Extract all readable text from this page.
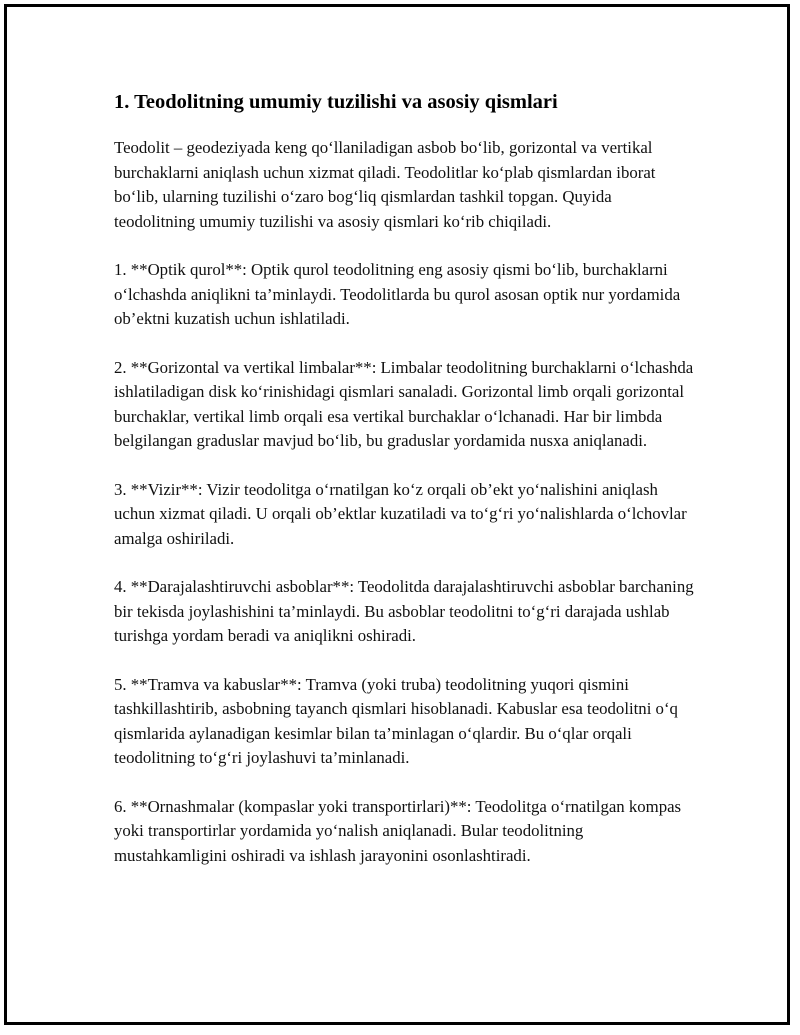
1. Teodolitning umumiy tuzilishi va asosiy qismlari

Teodolit – geodeziyada keng qo‘llaniladigan asbob bo‘lib, gorizontal va vertikal burchaklarni aniqlash uchun xizmat qiladi. Teodolitlar ko‘plab qismlardan iborat bo‘lib, ularning tuzilishi o‘zaro bog‘liq qismlardan tashkil topgan. Quyida teodolitning umumiy tuzilishi va asosiy qismlari ko‘rib chiqiladi.

1. **Optik qurol**: Optik qurol teodolitning eng asosiy qismi bo‘lib, burchaklarni o‘lchashda aniqlikni ta’minlaydi. Teodolitlarda bu qurol asosan optik nur yordamida ob’ektni kuzatish uchun ishlatiladi.

2. **Gorizontal va vertikal limbalar**: Limbalar teodolitning burchaklarni o‘lchashda ishlatiladigan disk ko‘rinishidagi qismlari sanaladi. Gorizontal limb orqali gorizontal burchaklar, vertikal limb orqali esa vertikal burchaklar o‘lchanadi. Har bir limbda belgilangan graduslar mavjud bo‘lib, bu graduslar yordamida nusxa aniqlanadi.

3. **Vizir**: Vizir teodolitga o‘rnatilgan ko‘z orqali ob’ekt yo‘nalishini aniqlash uchun xizmat qiladi. U orqali ob’ektlar kuzatiladi va to‘g‘ri yo‘nalishlarda o‘lchovlar amalga oshiriladi.

4. **Darajalashtiruvchi asboblar**: Teodolitda darajalashtiruvchi asboblar barchaning bir tekisda joylashishini ta’minlaydi. Bu asboblar teodolitni to‘g‘ri darajada ushlab turishga yordam beradi va aniqlikni oshiradi.

5. **Tramva va kabuslar**: Tramva (yoki truba) teodolitning yuqori qismini tashkillashtirib, asbobning tayanch qismlari hisoblanadi. Kabuslar esa teodolitni o‘q qismlarida aylanadigan kesimlar bilan ta’minlagan o‘qlardir. Bu o‘qlar orqali teodolitning to‘g‘ri joylashuvi ta’minlanadi.

6. **Ornashmalar (kompaslar yoki transportirlari)**: Teodolitga o‘rnatilgan kompas yoki transportirlar yordamida yo‘nalish aniqlanadi. Bular teodolitning mustahkamligini oshiradi va ishlash jarayonini osonlashtiradi.
